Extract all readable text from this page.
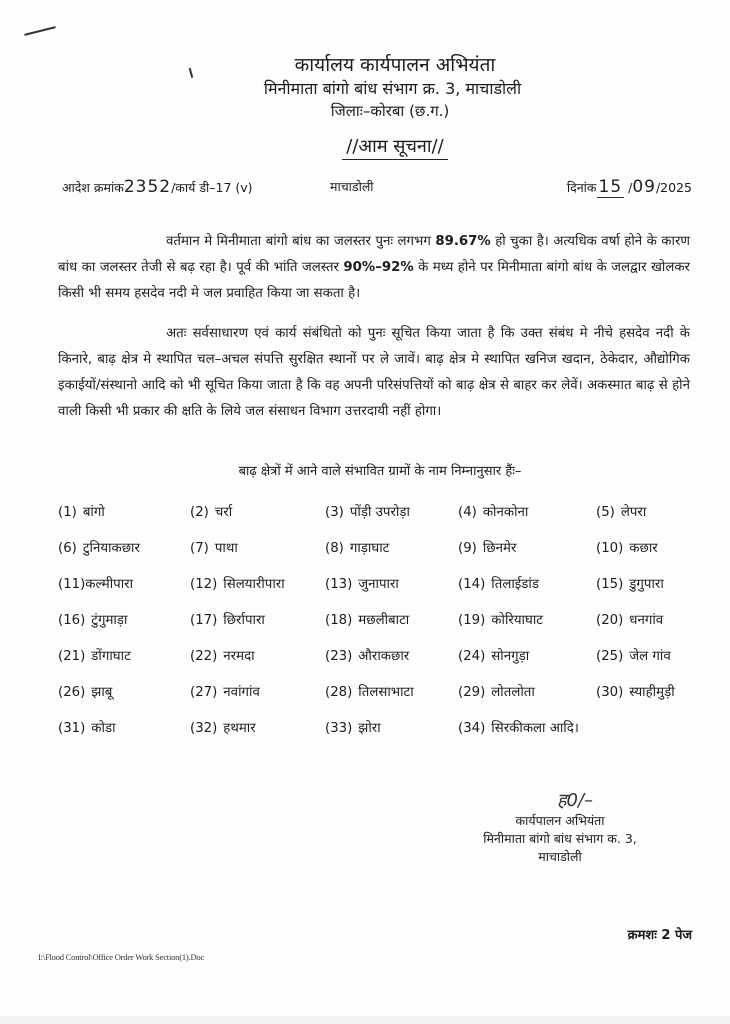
कार्यालय कार्यपालन अभियंता
मिनीमाता बांगो बांध संभाग क्र. 3, माचाडोली
जिलाः–कोरबा (छ.ग.)
//आम सूचना//
आदेश क्रमांक2352/कार्य डी–17 (v)	माचाडोली	दिनांक 15 /09/2025
वर्तमान मे मिनीमाता बांगो बांध का जलस्तर पुनः लगभग 89.67% हो चुका है। अत्यधिक वर्षा होने के कारण बांध का जलस्तर तेजी से बढ़ रहा है। पूर्व की भांति जलस्तर 90%–92% के मध्य होने पर मिनीमाता बांगो बांध के जलद्वार खोलकर किसी भी समय हसदेव नदी मे जल प्रवाहित किया जा सकता है।
अतः सर्वसाधारण एवं कार्य संबंधितो को पुनः सूचित किया जाता है कि उक्त संबंध मे नीचे हसदेव नदी के किनारे, बाढ़ क्षेत्र मे स्थापित चल–अचल संपत्ति सुरक्षित स्थानों पर ले जावें। बाढ़ क्षेत्र मे स्थापित खनिज खदान, ठेकेदार, औद्योगिक इकाईयों/संस्थानो आदि को भी सूचित किया जाता है कि वह अपनी परिसंपत्तियों को बाढ़ क्षेत्र से बाहर कर लेवें। अकस्मात बाढ़ से होने वाली किसी भी प्रकार की क्षति के लिये जल संसाधन विभाग उत्तरदायी नहीं होगा।
बाढ़ क्षेत्रों में आने वाले संभावित ग्रामों के नाम निम्नानुसार हैंः–
(1) बांगो	(2) चर्रा	(3) पोंड़ी उपरोड़ा	(4) कोनकोना	(5) लेपरा
(6) टुनियाकछार	(7) पाथा	(8) गाड़ाघाट	(9) छिनमेर	(10) कछार
(11)कल्मीपारा	(12) सिलयारीपारा	(13) जुनापारा	(14) तिलाईडांड	(15) डुगुपारा
(16) टुंगुमाड़ा	(17) छिर्रापारा	(18) मछलीबाटा	(19) कोरियाघाट	(20) धनगांव
(21) डोंगाघाट	(22) नरमदा	(23) औराकछार	(24) सोनगुड़ा	(25) जेल गांव
(26) झाबू	(27) नवांगांव	(28) तिलसाभाटा	(29) लोतलोता	(30) स्याहीमुड़ी
(31) कोडा	(32) हथमार	(33) झोरा	(34) सिरकीकला आदि।
ह0/–
कार्यपालन अभियंता
मिनीमाता बांगो बांध संभाग क. 3,
माचाडोली
क्रमशः 2 पेज
I:\Flood Control\Office Order Work Section(1).Doc
